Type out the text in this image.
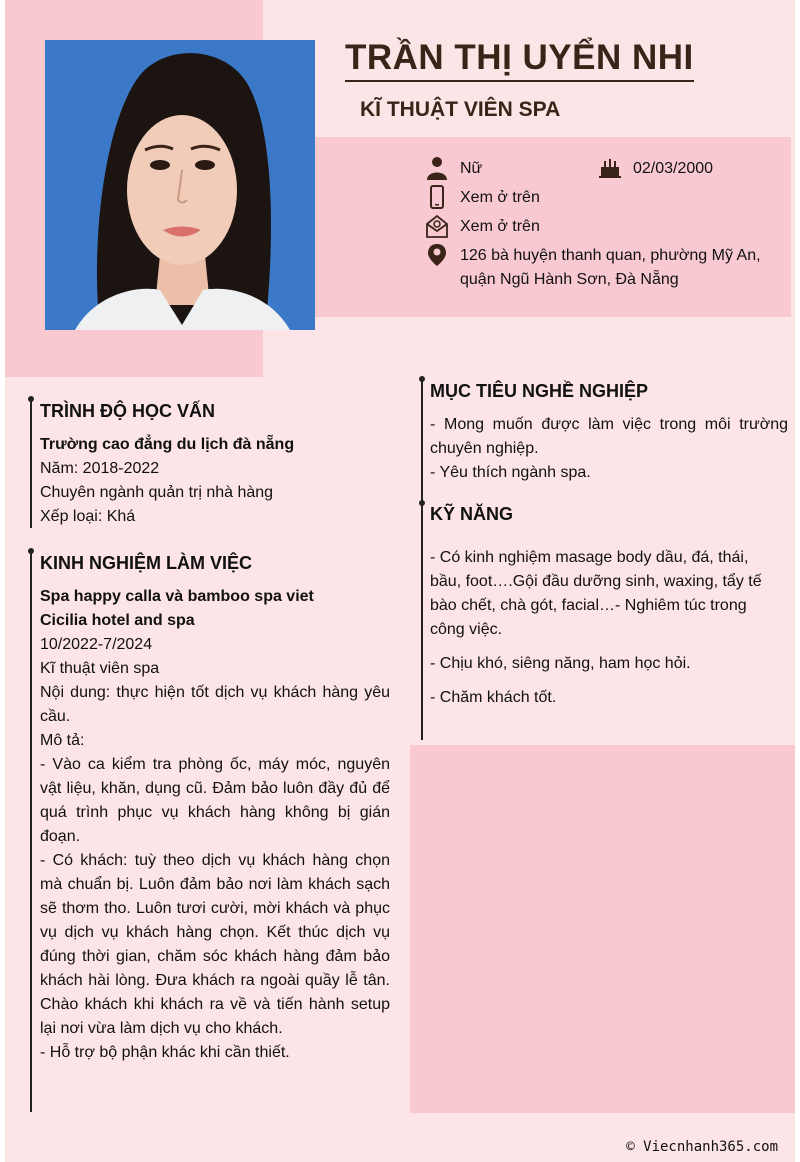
TRẦN THỊ UYỂN NHI
KĨ THUẬT VIÊN SPA
Nữ	02/03/2000
Xem ở trên
Xem ở trên
126 bà huyện thanh quan, phường Mỹ An, quận Ngũ Hành Sơn, Đà Nẵng
TRÌNH ĐỘ HỌC VẤN

Trường cao đẳng du lịch đà nẵng

Năm: 2018-2022

Chuyên ngành quản trị nhà hàng

Xếp loại: Khá

KINH NGHIỆM LÀM VIỆC

Spa happy calla và bamboo spa viet

Cicilia hotel and spa

10/2022-7/2024

Kĩ thuật viên spa

Nội dung: thực hiện tốt dịch vụ khách hàng yêu cầu.

Mô tả:

- Vào ca kiểm tra phòng ốc, máy móc, nguyên vật liệu, khăn, dụng cũ. Đảm bảo luôn đầy đủ để quá trình phục vụ khách hàng không bị gián đoạn.

- Có khách: tuỳ theo dịch vụ khách hàng chọn mà chuẩn bị. Luôn đảm bảo nơi làm khách sạch sẽ thơm tho. Luôn tươi cười, mời khách và phục vụ dịch vụ khách hàng chọn. Kết thúc dịch vụ đúng thời gian, chăm sóc khách hàng đảm bảo khách hài lòng. Đưa khách ra ngoài quầy lễ tân. Chào khách khi khách ra về và tiến hành setup lại nơi vừa làm dịch vụ cho khách.

- Hỗ trợ bộ phận khác khi cần thiết.

MỤC TIÊU NGHỀ NGHIỆP

- Mong muốn được làm việc trong môi trường chuyên nghiệp.

- Yêu thích ngành spa.

KỸ NĂNG

- Có kinh nghiệm masage body dầu, đá, thái, bầu, foot….Gội đầu dưỡng sinh, waxing, tẩy tế bào chết, chà gót, facial…- Nghiêm túc trong công việc.

- Chịu khó, siêng năng, ham học hỏi.

- Chăm khách tốt.

© Viecnhanh365.com
